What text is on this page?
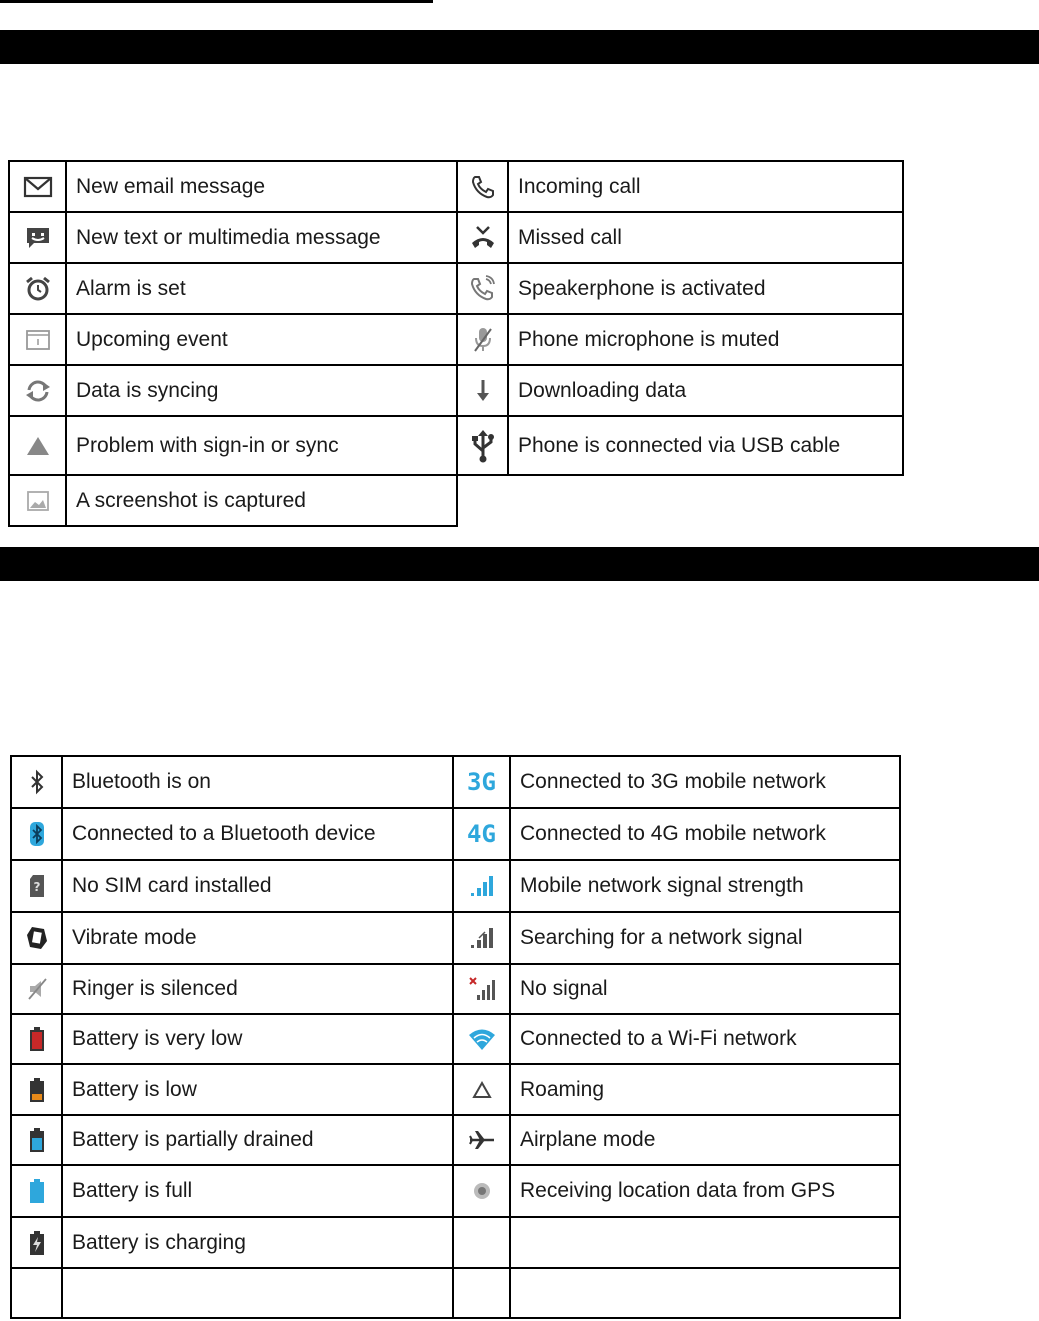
	New email message		Incoming call

	New text or multimedia message		Missed call

	Alarm is set		Speakerphone is activated

	Upcoming event		Phone microphone is muted

	Data is syncing		Downloading data

	Problem with sign-in or sync		Phone is connected via USB cable

	A screenshot is captured		
	Bluetooth is on	3G	Connected to 3G mobile network

	Connected to a Bluetooth device	4G	Connected to 4G mobile network

?	No SIM card installed		Mobile network signal strength

	Vibrate mode		Searching for a network signal

	Ringer is silenced		No signal

	Battery is very low		Connected to a Wi-Fi network

	Battery is low		Roaming

	Battery is partially drained		Airplane mode

	Battery is full		Receiving location data from GPS

	Battery is charging		
